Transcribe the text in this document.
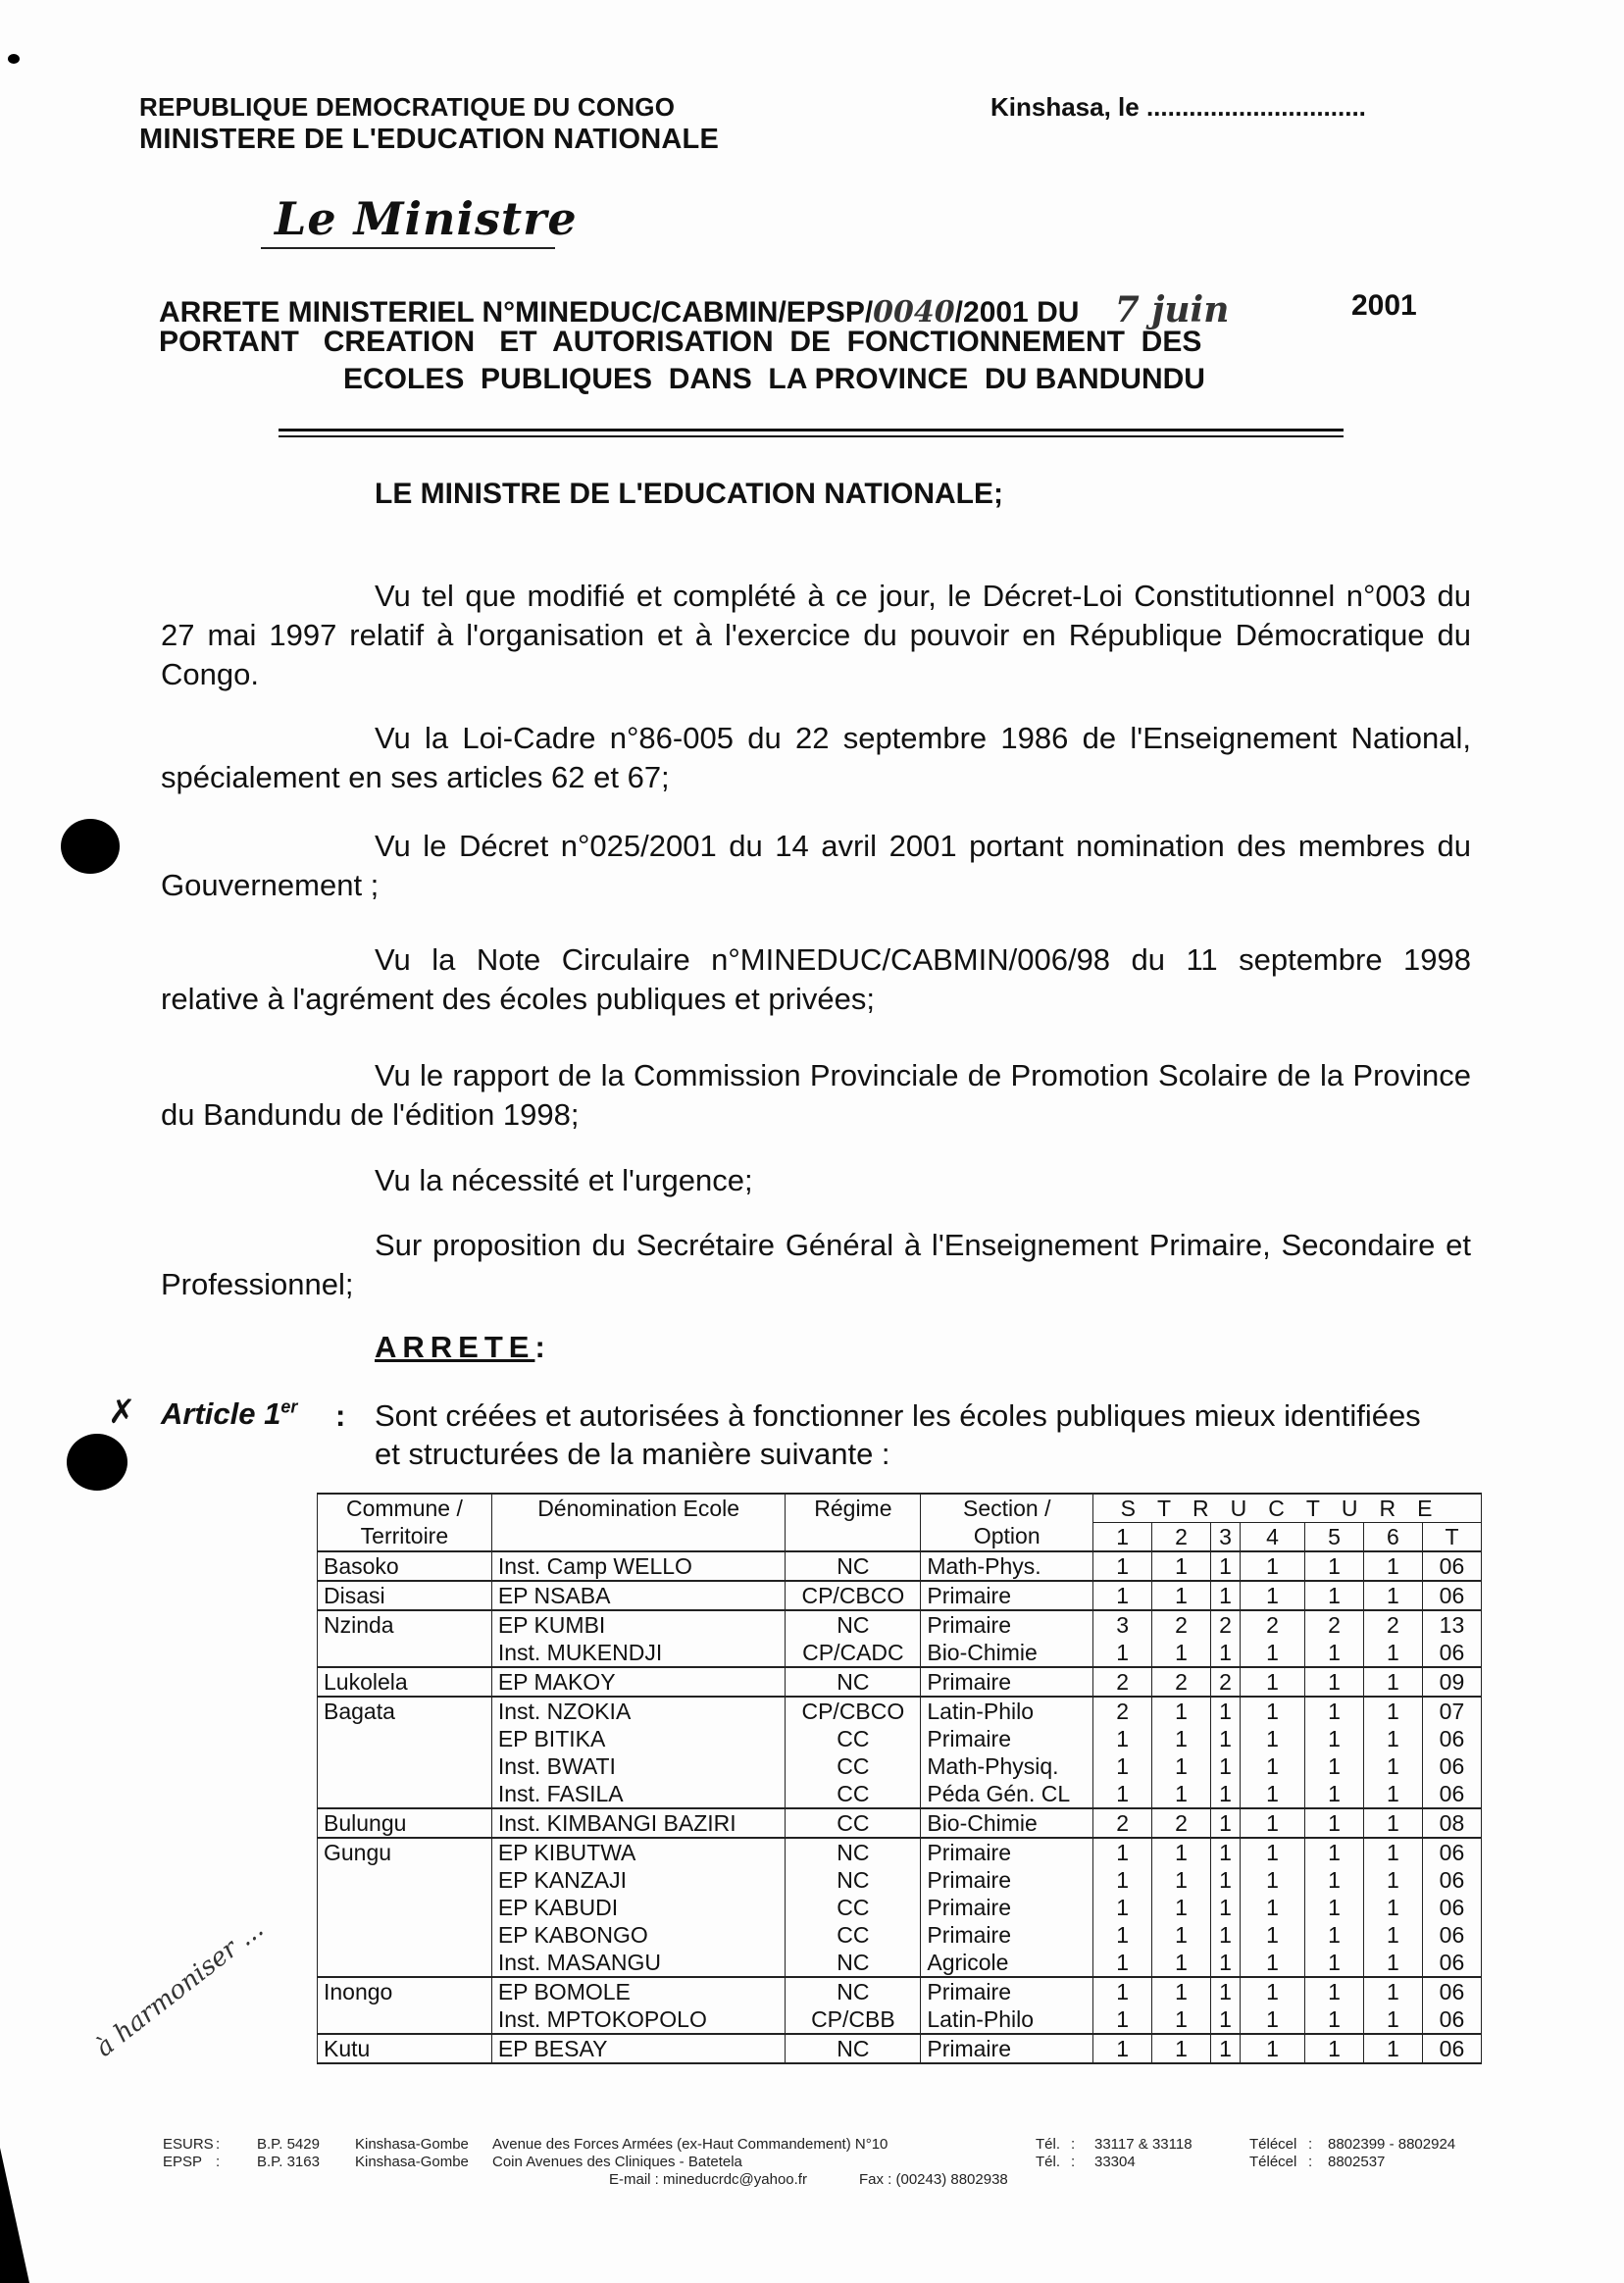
REPUBLIQUE DEMOCRATIQUE DU CONGO
MINISTERE DE L'EDUCATION NATIONALE
Kinshasa, le ...............................
Le Ministre
ARRETE MINISTERIEL N°MINEDUC/CABMIN/EPSP/0040/2001 DU 7 juin	2001
PORTANT   CREATION   ET  AUTORISATION  DE  FONCTIONNEMENT  DES
ECOLES  PUBLIQUES  DANS  LA PROVINCE  DU BANDUNDU
LE MINISTRE DE L'EDUCATION NATIONALE;
Vu tel que modifié et complété à ce jour, le Décret-Loi Constitutionnel n°003 du 27 mai 1997 relatif à l'organisation et à l'exercice du pouvoir en République Démocratique du Congo.
Vu la Loi-Cadre n°86-005 du 22 septembre 1986 de l'Enseignement National, spécialement en ses articles 62 et 67;
Vu le Décret n°025/2001 du 14 avril 2001 portant nomination des membres du Gouvernement ;
Vu la Note Circulaire n°MINEDUC/CABMIN/006/98 du 11 septembre 1998 relative à l'agrément des écoles publiques et privées;
Vu le rapport de la Commission Provinciale de Promotion Scolaire de la Province du Bandundu de l'édition 1998;
Vu la nécessité et l'urgence;
Sur proposition du Secrétaire Général à l'Enseignement Primaire, Secondaire et Professionnel;
ARRETE:
✗ Article 1er : Sont créées et autorisées à fonctionner les écoles publiques mieux identifiées
et structurées de la manière suivante :
Commune / Territoire	Dénomination Ecole	Régime	Section / Option	STRUCTURE						
				1	2	3	4	5	6	T
Basoko	Inst. Camp WELLO	NC	Math-Phys.	1	1	1	1	1	1	06
Disasi	EP NSABA	CP/CBCO	Primaire	1	1	1	1	1	1	06
Nzinda	EP KUMBI	NC	Primaire	3	2	2	2	2	2	13
	Inst. MUKENDJI	CP/CADC	Bio-Chimie	1	1	1	1	1	1	06
Lukolela	EP MAKOY	NC	Primaire	2	2	2	1	1	1	09
Bagata	Inst. NZOKIA	CP/CBCO	Latin-Philo	2	1	1	1	1	1	07
	EP BITIKA	CC	Primaire	1	1	1	1	1	1	06
	Inst. BWATI	CC	Math-Physiq.	1	1	1	1	1	1	06
	Inst. FASILA	CC	Péda Gén. CL	1	1	1	1	1	1	06
Bulungu	Inst. KIMBANGI BAZIRI	CC	Bio-Chimie	2	2	1	1	1	1	08
Gungu	EP KIBUTWA	NC	Primaire	1	1	1	1	1	1	06
	EP KANZAJI	NC	Primaire	1	1	1	1	1	1	06
	EP KABUDI	CC	Primaire	1	1	1	1	1	1	06
	EP KABONGO	CC	Primaire	1	1	1	1	1	1	06
	Inst. MASANGU	NC	Agricole	1	1	1	1	1	1	06
Inongo	EP BOMOLE	NC	Primaire	1	1	1	1	1	1	06
	Inst. MPTOKOPOLO	CP/CBB	Latin-Philo	1	1	1	1	1	1	06
Kutu	EP BESAY	NC	Primaire	1	1	1	1	1	1	06
à harmoniser ...
ESURS :	B.P. 5429 Kinshasa-Gombe Avenue des Forces Armées (ex-Haut Commandement) N°10	Tél. : 33117 & 33118	Télécel : 8802399 - 8802924
EPSP :	B.P. 3163 Kinshasa-Gombe Coin Avenues des Cliniques - Batetela	Tél. : 33304	Télécel : 8802537
E-mail : mineducrdc@yahoo.fr	Fax : (00243) 8802938
